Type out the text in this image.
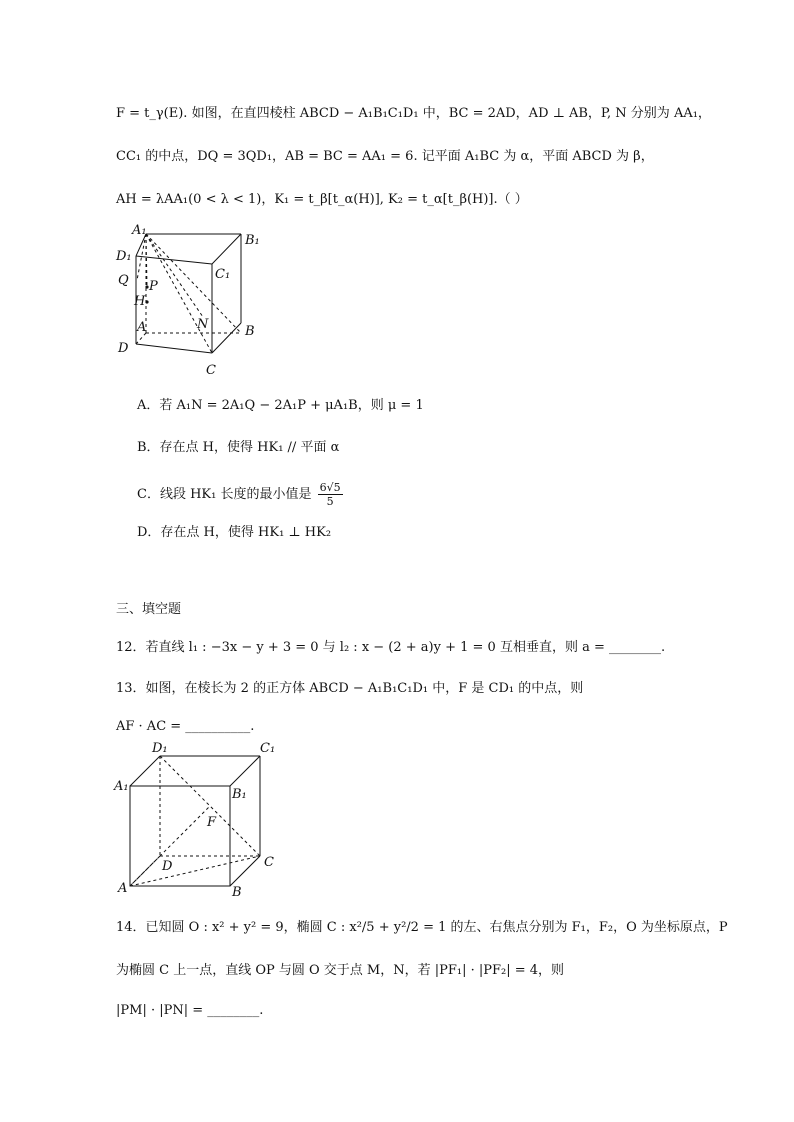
F = t_γ(E). 如图，在直四棱柱 ABCD − A₁B₁C₁D₁ 中，BC = 2AD，AD ⊥ AB，P, N 分别为 AA₁，
CC₁ 的中点，DQ = 3QD₁，AB = BC = AA₁ = 6. 记平面 A₁BC 为 α，平面 ABCD 为 β，
AH = λAA₁(0 < λ < 1)，K₁ = t_β[t_α(H)], K₂ = t_α[t_β(H)].（ ）
A₁
B₁
D₁
C₁
Q P
H
A	N	B
D
C
A．若 A₁N = 2A₁Q − 2A₁P + μA₁B，则 μ = 1
B．存在点 H，使得 HK₁ // 平面 α
C．线段 HK₁ 长度的最小值是 $\frac{6√5}{5}$
D．存在点 H，使得 HK₁ ⊥ HK₂
三、填空题
12．若直线 l₁ : −3x − y + 3 = 0 与 l₂ : x − (2 + a)y + 1 = 0 互相垂直，则 a = ________.
13．如图，在棱长为 2 的正方体 ABCD − A₁B₁C₁D₁ 中，F 是 CD₁ 的中点，则
AF · AC = __________.
D₁	C₁
A₁
B₁
F
D	C
A	B
14．已知圆 O : x² + y² = 9，椭圆 C : x²/5 + y²/2 = 1 的左、右焦点分别为 F₁，F₂，O 为坐标原点，P
为椭圆 C 上一点，直线 OP 与圆 O 交于点 M，N，若 |PF₁| · |PF₂| = 4，则
|PM| · |PN| = ________.
